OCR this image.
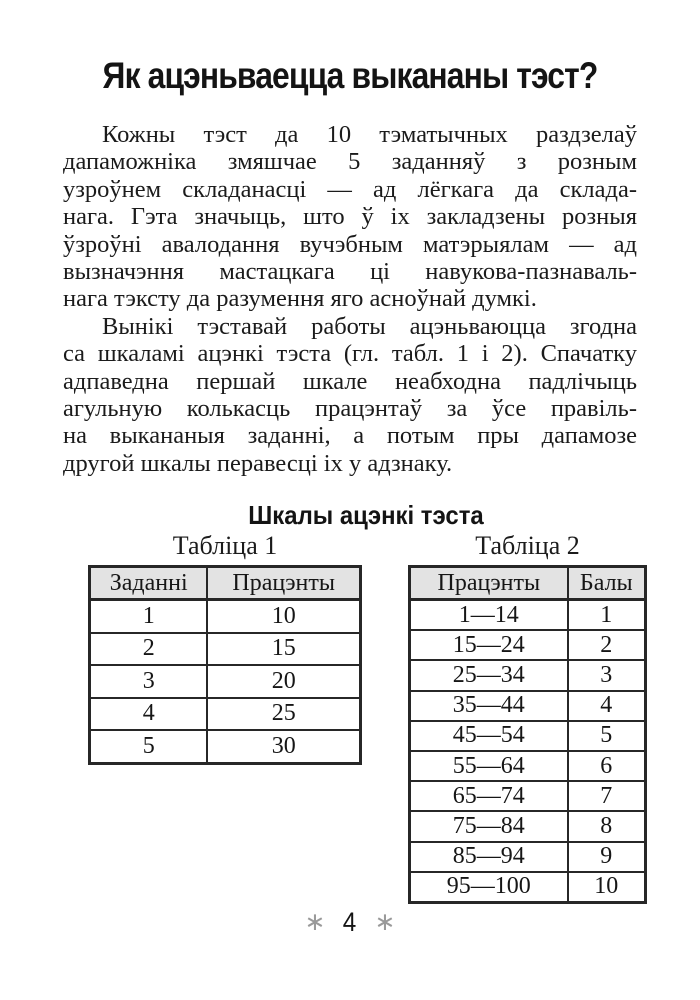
Як ацэньваецца выкананы тэст?
Кожны тэст да 10 тэматычных раздзелаў
дапаможніка змяшчае 5 заданняў з розным
узроўнем складанасці — ад лёгкага да склада-
нага. Гэта значыць, што ў іх закладзены розныя
ўзроўні авалодання вучэбным матэрыялам — ад
вызначэння мастацкага ці навукова-пазнаваль-
нага тэксту да разумення яго асноўнай думкі.
Вынікі тэставай работы ацэньваюцца згодна
са шкаламі ацэнкі тэста (гл. табл. 1 і 2). Спачатку
адпаведна першай шкале неабходна падлічыць
агульную колькасць працэнтаў за ўсе правіль-
на выкананыя заданні, а потым пры дапамозе
другой шкалы перавесці іх у адзнаку.
Шкалы ацэнкі тэста
Табліца 1
Заданні	Працэнты
1	10
2	15
3	20
4	25
5	30
Табліца 2
Працэнты	Балы
1—14	1
15—24	2
25—34	3
35—44	4
45—54	5
55—64	6
65—74	7
75—84	8
85—94	9
95—100	10
∗ 4 ∗
